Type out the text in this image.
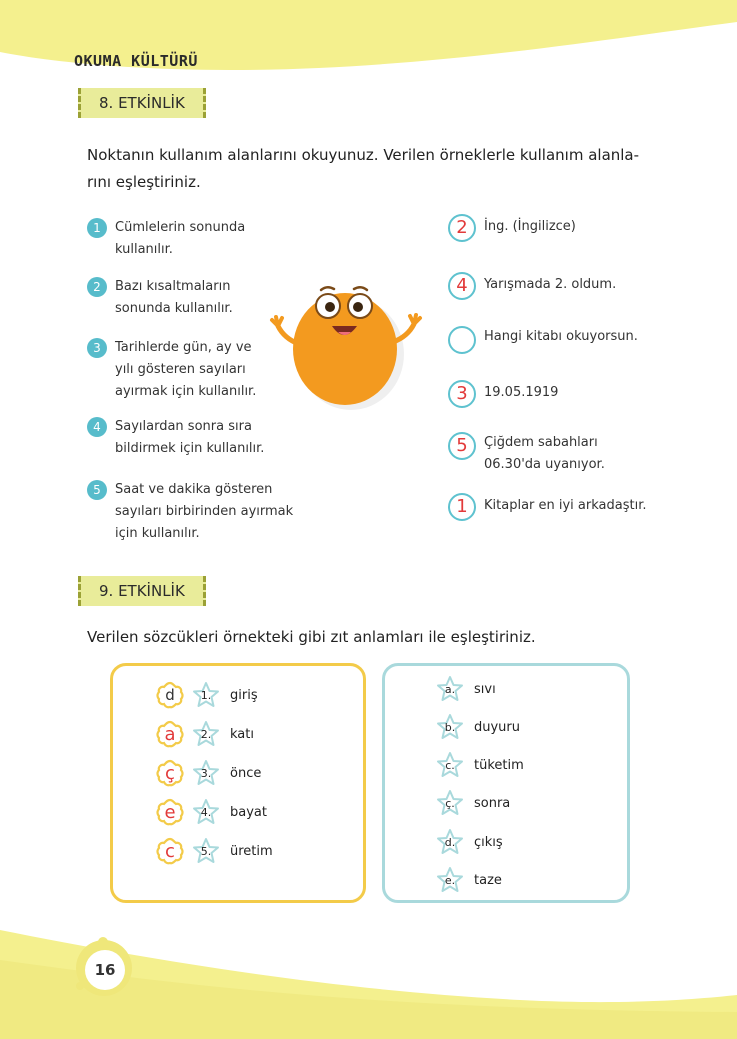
OKUMA KÜLTÜRÜ
8. ETKİNLİK
Noktanın kullanım alanlarını okuyunuz. Verilen örneklerle kullanım alanla-
rını eşleştiriniz.
1	Cümlelerin sonunda
kullanılır.
2	Bazı kısaltmaların
sonunda kullanılır.
3	Tarihlerde gün, ay ve
yılı gösteren sayıları
ayırmak için kullanılır.
4	Sayılardan sonra sıra
bildirmek için kullanılır.
5	Saat ve dakika gösteren
sayıları birbirinden ayırmak
için kullanılır.
2	İng. (İngilizce)
4	Yarışmada 2. oldum.
Hangi kitabı okuyorsun.
3	19.05.1919
5	Çiğdem sabahları
06.30'da uyanıyor.
1	Kitaplar en iyi arkadaştır.
9. ETKİNLİK
Verilen sözcükleri örnekteki gibi zıt anlamları ile eşleştiriniz.
d 1. giriş
a 2. katı
ç 3. önce
e 4. bayat
c 5. üretim
a. sıvı
b. duyuru
c. tüketim
ç. sonra
d. çıkış
e. taze
16
